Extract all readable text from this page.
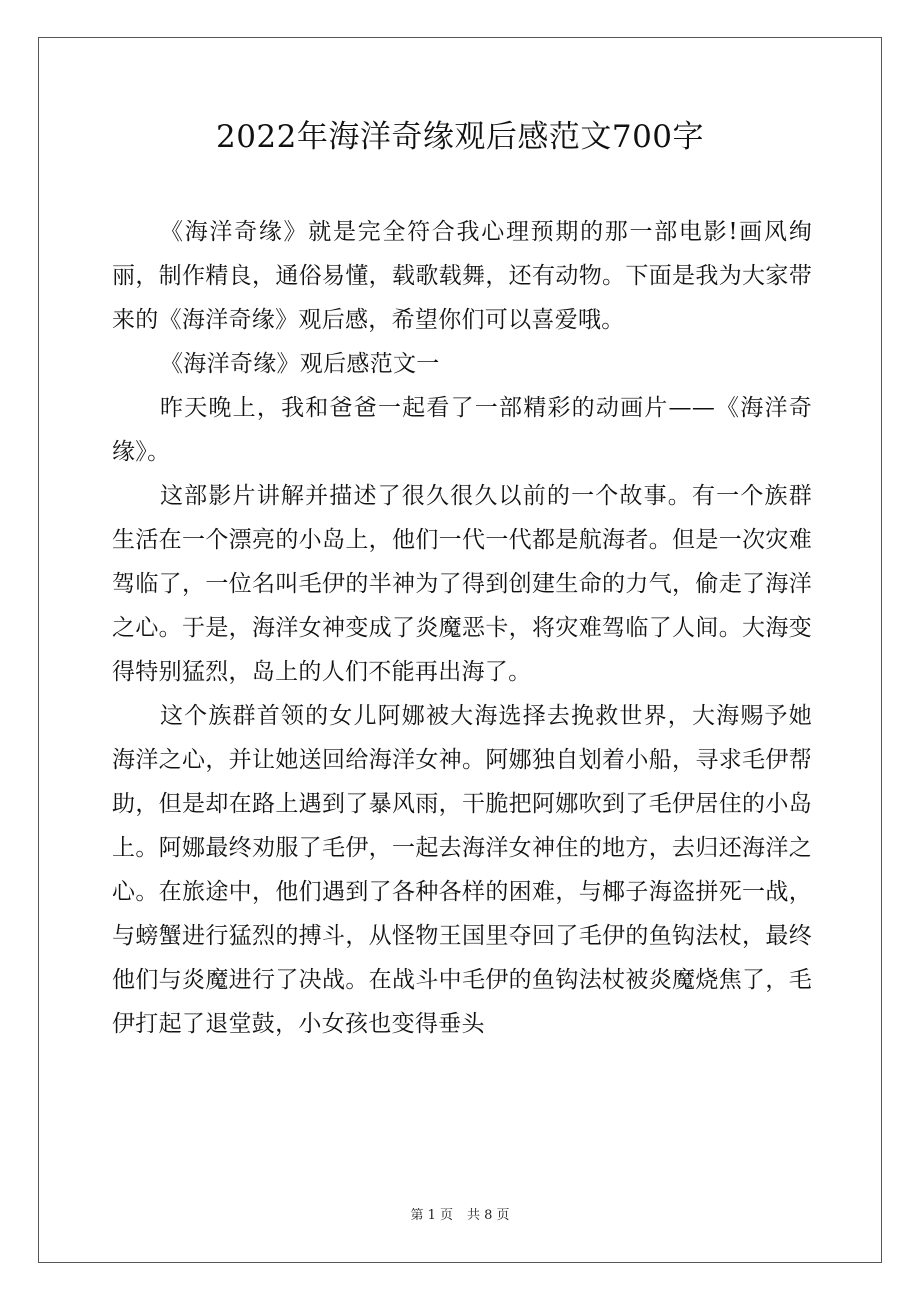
2022年海洋奇缘观后感范文700字

《海洋奇缘》就是完全符合我心理预期的那一部电影!画风绚丽，制作精良，通俗易懂，载歌载舞，还有动物。下面是我为大家带来的《海洋奇缘》观后感，希望你们可以喜爱哦。

《海洋奇缘》观后感范文一

昨天晚上，我和爸爸一起看了一部精彩的动画片——《海洋奇缘》。

这部影片讲解并描述了很久很久以前的一个故事。有一个族群生活在一个漂亮的小岛上，他们一代一代都是航海者。但是一次灾难驾临了，一位名叫毛伊的半神为了得到创建生命的力气，偷走了海洋之心。于是，海洋女神变成了炎魔恶卡，将灾难驾临了人间。大海变得特别猛烈，岛上的人们不能再出海了。

这个族群首领的女儿阿娜被大海选择去挽救世界，大海赐予她海洋之心，并让她送回给海洋女神。阿娜独自划着小船，寻求毛伊帮助，但是却在路上遇到了暴风雨，干脆把阿娜吹到了毛伊居住的小岛上。阿娜最终劝服了毛伊，一起去海洋女神住的地方，去归还海洋之心。在旅途中，他们遇到了各种各样的困难，与椰子海盗拼死一战，与螃蟹进行猛烈的搏斗，从怪物王国里夺回了毛伊的鱼钩法杖，最终他们与炎魔进行了决战。在战斗中毛伊的鱼钩法杖被炎魔烧焦了，毛伊打起了退堂鼓，小女孩也变得垂头

第 1 页 共 8 页
